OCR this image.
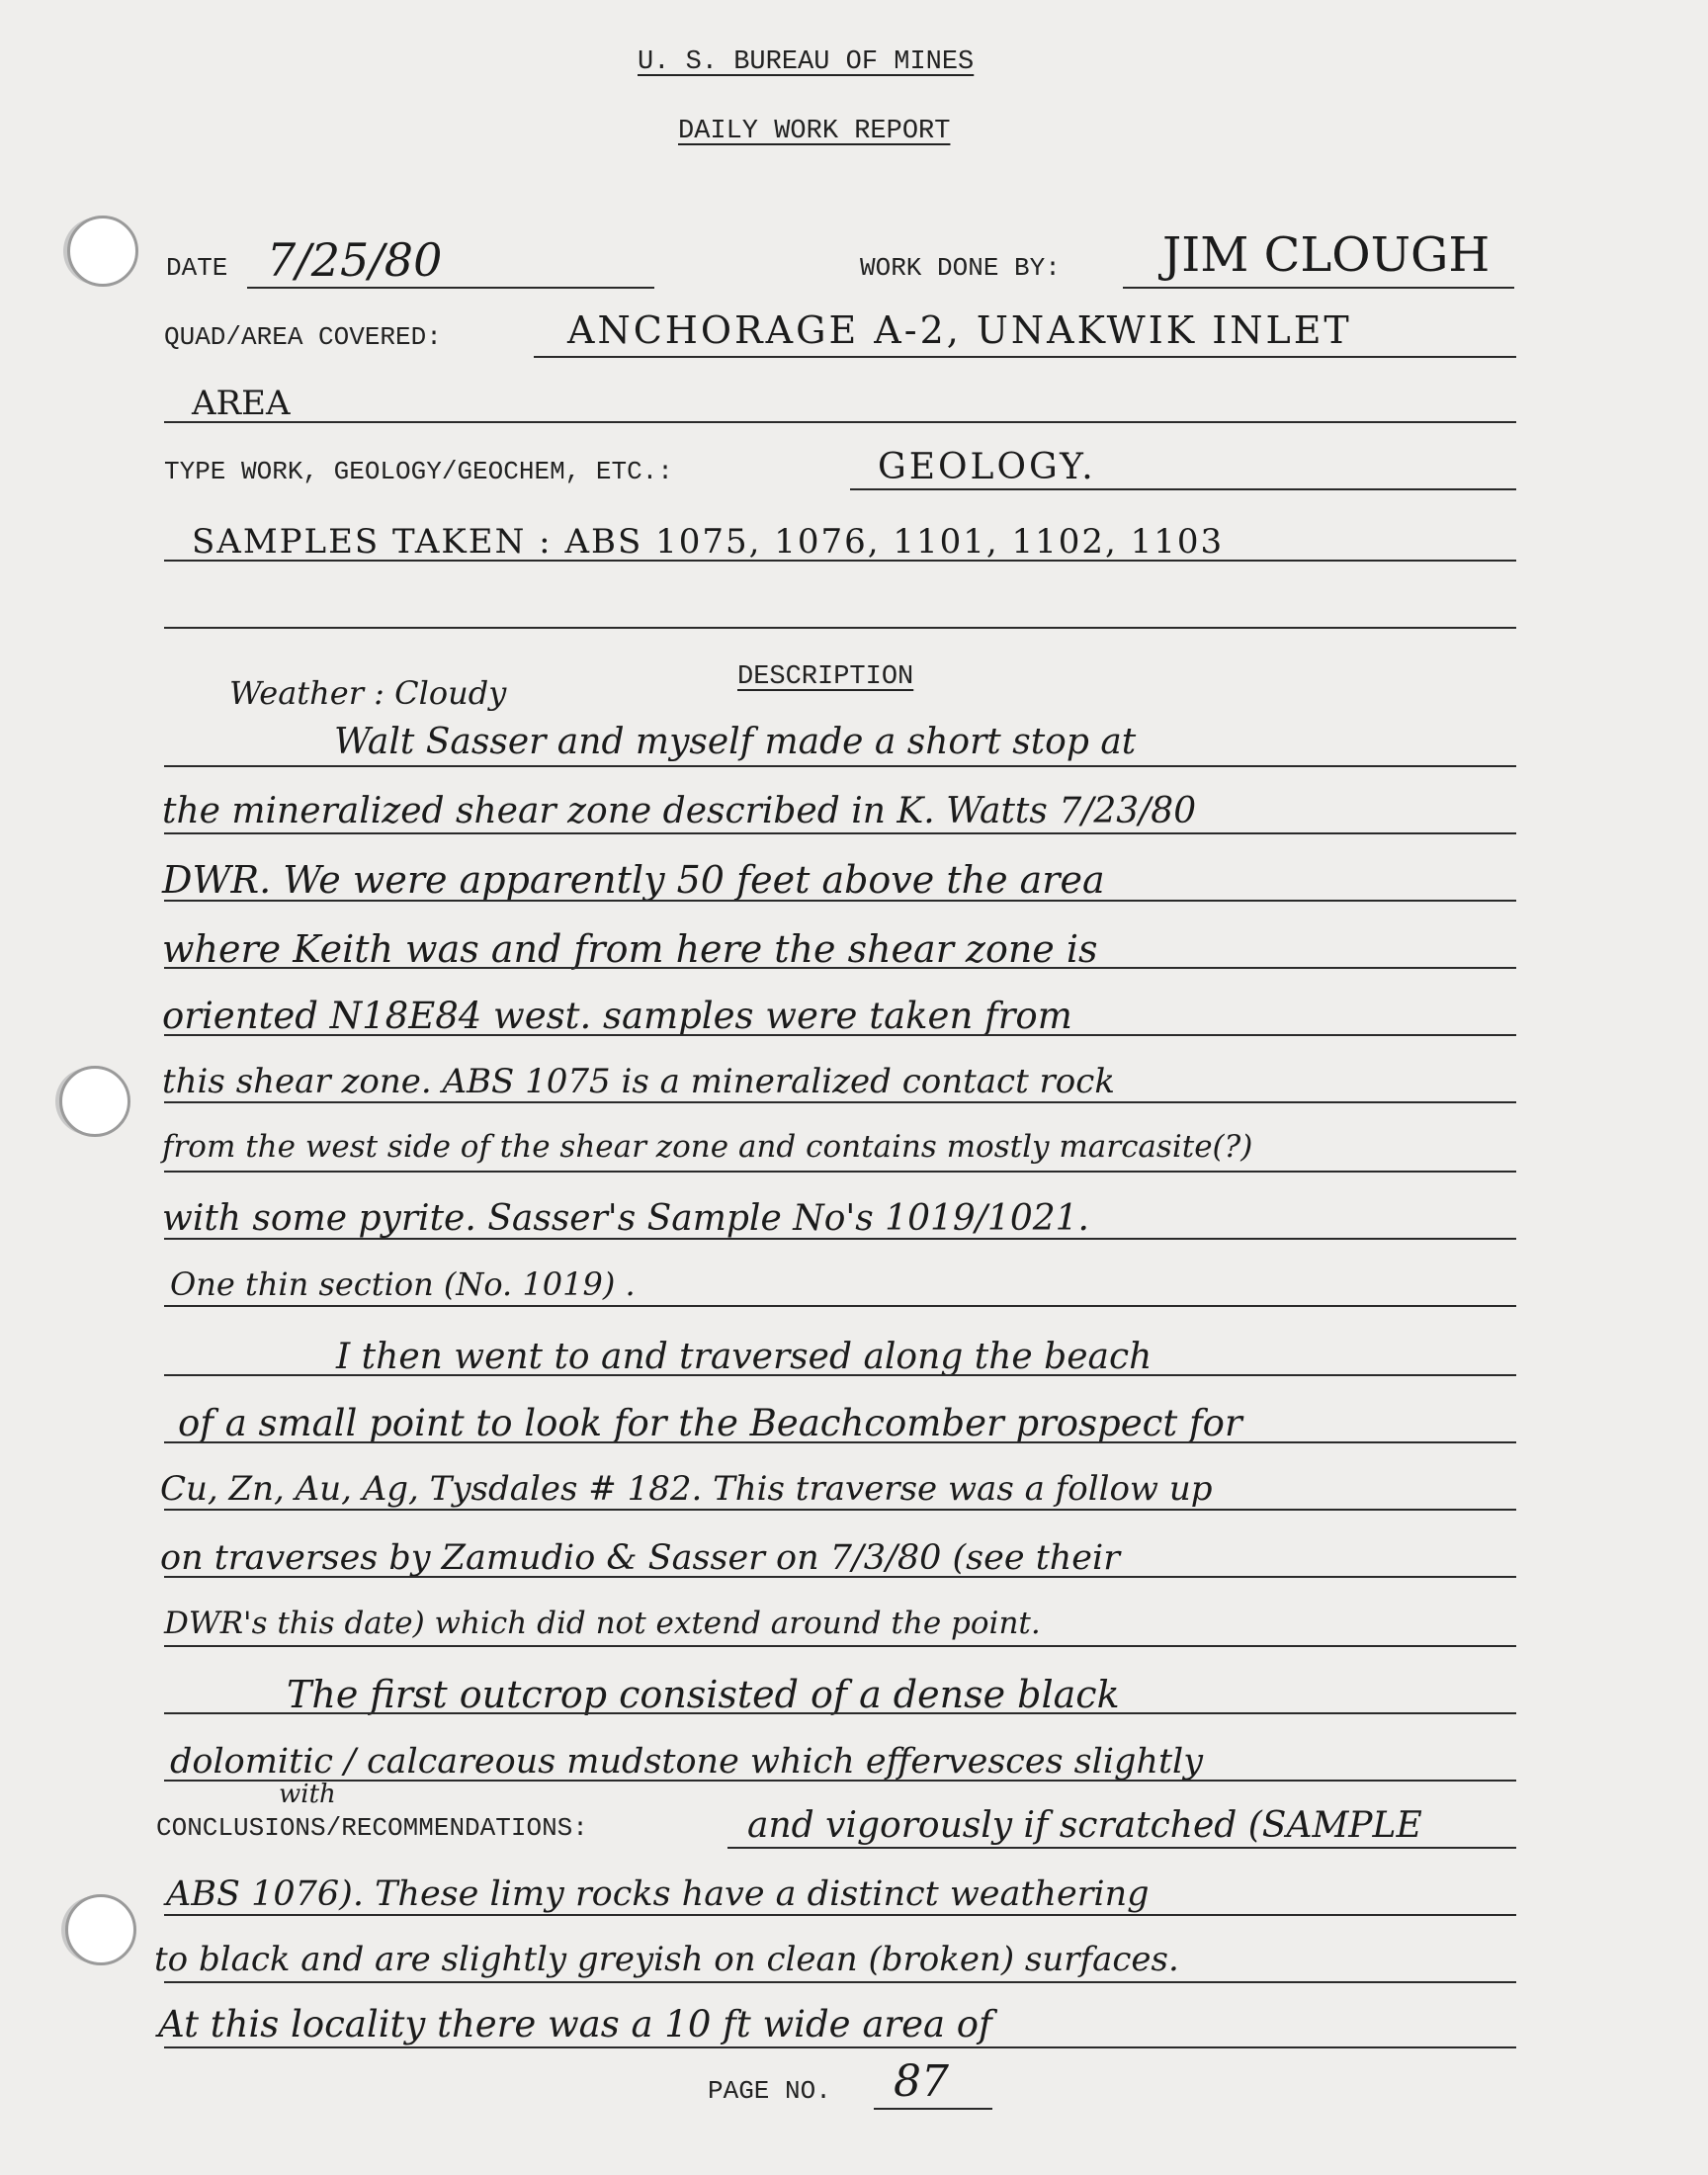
U. S. BUREAU OF MINES
DAILY WORK REPORT
DATE 7/25/80	WORK DONE BY: JIM CLOUGH
QUAD/AREA COVERED:	ANCHORAGE A-2, UNAKWIK INLET
AREA
TYPE WORK, GEOLOGY/GEOCHEM, ETC.:	GEOLOGY.
SAMPLES TAKEN : ABS 1075, 1076, 1101, 1102, 1103
DESCRIPTION
Weather : Cloudy
Walt Sasser and myself made a short stop at
the mineralized shear zone described in K. Watts 7/23/80
DWR. We were apparently 50 feet above the area
where Keith was and from here the shear zone is
oriented N18E84 west. samples were taken from
this shear zone. ABS 1075 is a mineralized contact rock
from the west side of the shear zone and contains mostly marcasite(?)
with some pyrite. Sasser's Sample No's 1019/1021.
One thin section (No. 1019) .
I then went to and traversed along the beach
of a small point to look for the Beachcomber prospect for
Cu, Zn, Au, Ag, Tysdales # 182. This traverse was a follow up
on traverses by Zamudio & Sasser on 7/3/80 (see their
DWR's this date) which did not extend around the point.
The first outcrop consisted of a dense black
dolomitic / calcareous mudstone which effervesces slightly
with
CONCLUSIONS/RECOMMENDATIONS:	and vigorously if scratched (SAMPLE
ABS 1076). These limy rocks have a distinct weathering
to black and are slightly greyish on clean (broken) surfaces.
At this locality there was a 10 ft wide area of
PAGE NO. 87
